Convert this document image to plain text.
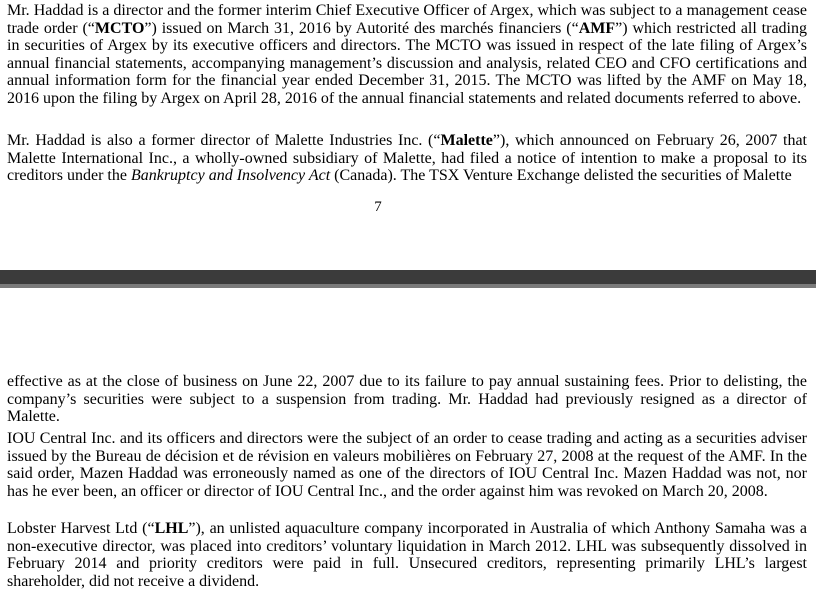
Mr. Haddad is a director and the former interim Chief Executive Officer of Argex, which was subject to a management cease trade order (“MCTO”) issued on March 31, 2016 by Autorité des marchés financiers (“AMF”) which restricted all trading in securities of Argex by its executive officers and directors. The MCTO was issued in respect of the late filing of Argex’s annual financial statements, accompanying management’s discussion and analysis, related CEO and CFO certifications and annual information form for the financial year ended December 31, 2015. The MCTO was lifted by the AMF on May 18, 2016 upon the filing by Argex on April 28, 2016 of the annual financial statements and related documents referred to above.

Mr. Haddad is also a former director of Malette Industries Inc. (“Malette”), which announced on February 26, 2007 that Malette International Inc., a wholly-owned subsidiary of Malette, had filed a notice of intention to make a proposal to its creditors under the Bankruptcy and Insolvency Act (Canada). The TSX Venture Exchange delisted the securities of Malette

7

effective as at the close of business on June 22, 2007 due to its failure to pay annual sustaining fees. Prior to delisting, the company’s securities were subject to a suspension from trading. Mr. Haddad had previously resigned as a director of Malette.

IOU Central Inc. and its officers and directors were the subject of an order to cease trading and acting as a securities adviser issued by the Bureau de décision et de révision en valeurs mobilières on February 27, 2008 at the request of the AMF. In the said order, Mazen Haddad was erroneously named as one of the directors of IOU Central Inc. Mazen Haddad was not, nor has he ever been, an officer or director of IOU Central Inc., and the order against him was revoked on March 20, 2008.

Lobster Harvest Ltd (“LHL”), an unlisted aquaculture company incorporated in Australia of which Anthony Samaha was a non-executive director, was placed into creditors’ voluntary liquidation in March 2012. LHL was subsequently dissolved in February 2014 and priority creditors were paid in full. Unsecured creditors, representing primarily LHL’s largest shareholder, did not receive a dividend.
